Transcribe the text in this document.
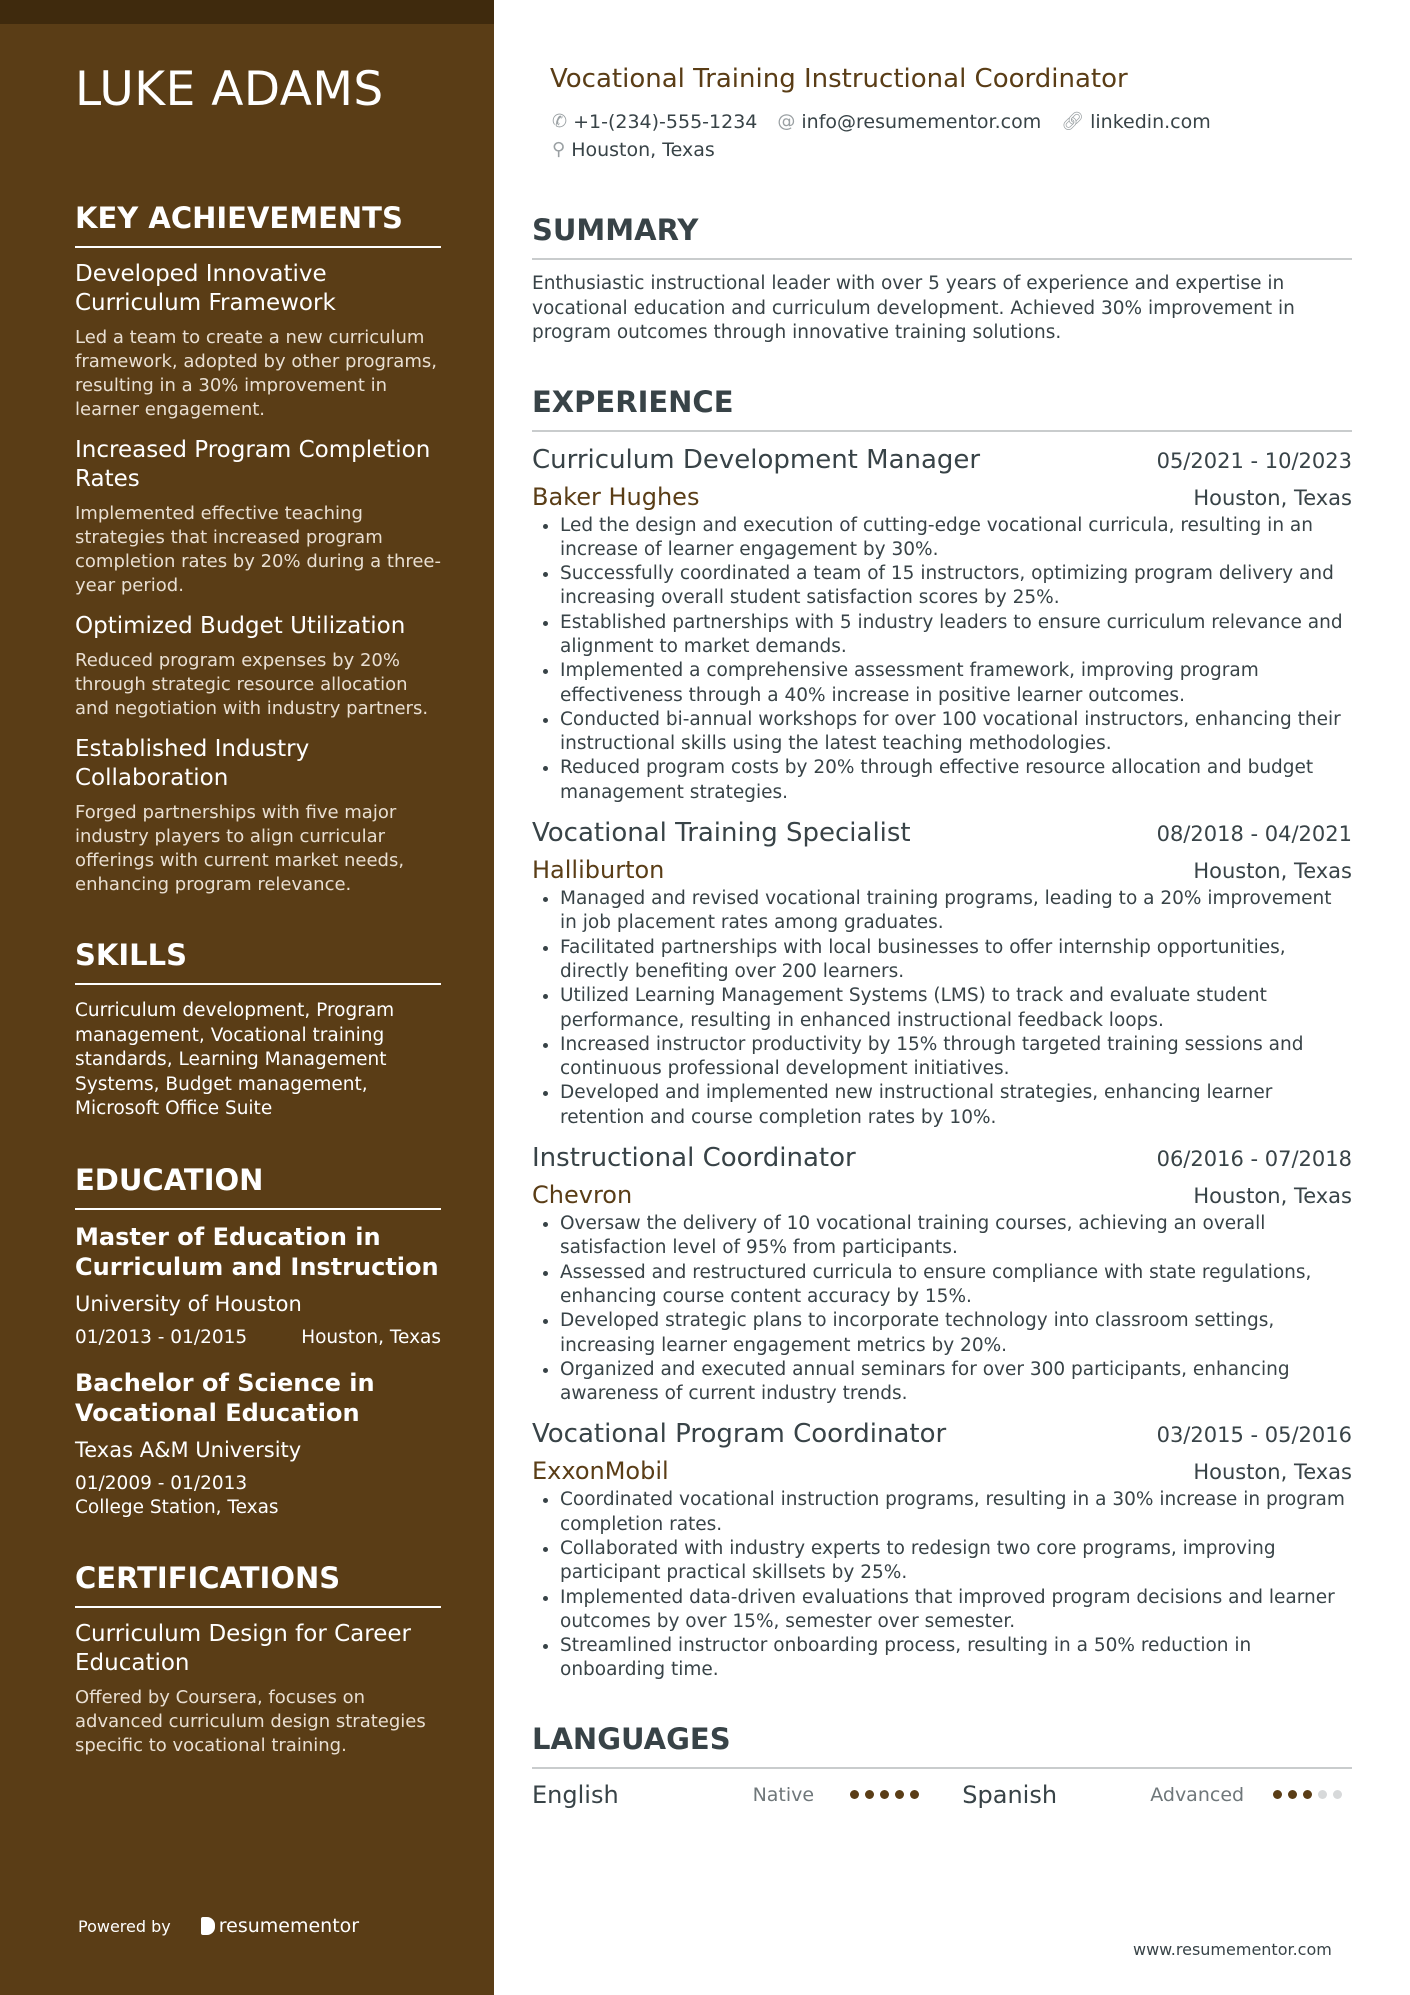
LUKE ADAMS
KEY ACHIEVEMENTS
Developed Innovative Curriculum Framework

Led a team to create a new curriculum framework, adopted by other programs, resulting in a 30% improvement in learner engagement.

Increased Program Completion Rates

Implemented effective teaching strategies that increased program completion rates by 20% during a three-year period.

Optimized Budget Utilization

Reduced program expenses by 20% through strategic resource allocation and negotiation with industry partners.

Established Industry Collaboration

Forged partnerships with five major industry players to align curricular offerings with current market needs, enhancing program relevance.

SKILLS

Curriculum development, Program management, Vocational training standards, Learning Management Systems, Budget management, Microsoft Office Suite

EDUCATION
Master of Education in Curriculum and Instruction
University of Houston
01/2013 - 01/2015	Houston, Texas
Bachelor of Science in Vocational Education
Texas A&M University
01/2009 - 01/2013
College Station, Texas
CERTIFICATIONS
Curriculum Design for Career Education

Offered by Coursera, focuses on advanced curriculum design strategies specific to vocational training.

Powered by	resumementor
Vocational Training Instructional Coordinator
✆ +1-(234)-555-1234 @ info@resumementor.com 🔗︎ linkedin.com
⚲ Houston, Texas
SUMMARY

Enthusiastic instructional leader with over 5 years of experience and expertise in vocational education and curriculum development. Achieved 30% improvement in program outcomes through innovative training solutions.

EXPERIENCE
Curriculum Development Manager	05/2021 - 10/2023
Baker Hughes	Houston, Texas
• Led the design and execution of cutting-edge vocational curricula, resulting in an increase of learner engagement by 30%.
• Successfully coordinated a team of 15 instructors, optimizing program delivery and increasing overall student satisfaction scores by 25%.
• Established partnerships with 5 industry leaders to ensure curriculum relevance and alignment to market demands.
• Implemented a comprehensive assessment framework, improving program effectiveness through a 40% increase in positive learner outcomes.
• Conducted bi-annual workshops for over 100 vocational instructors, enhancing their instructional skills using the latest teaching methodologies.
• Reduced program costs by 20% through effective resource allocation and budget management strategies.
Vocational Training Specialist	08/2018 - 04/2021
Halliburton	Houston, Texas
• Managed and revised vocational training programs, leading to a 20% improvement in job placement rates among graduates.
• Facilitated partnerships with local businesses to offer internship opportunities, directly benefiting over 200 learners.
• Utilized Learning Management Systems (LMS) to track and evaluate student performance, resulting in enhanced instructional feedback loops.
• Increased instructor productivity by 15% through targeted training sessions and continuous professional development initiatives.
• Developed and implemented new instructional strategies, enhancing learner retention and course completion rates by 10%.
Instructional Coordinator	06/2016 - 07/2018
Chevron	Houston, Texas
• Oversaw the delivery of 10 vocational training courses, achieving an overall satisfaction level of 95% from participants.
• Assessed and restructured curricula to ensure compliance with state regulations, enhancing course content accuracy by 15%.
• Developed strategic plans to incorporate technology into classroom settings, increasing learner engagement metrics by 20%.
• Organized and executed annual seminars for over 300 participants, enhancing awareness of current industry trends.
Vocational Program Coordinator	03/2015 - 05/2016
ExxonMobil	Houston, Texas
• Coordinated vocational instruction programs, resulting in a 30% increase in program completion rates.
• Collaborated with industry experts to redesign two core programs, improving participant practical skillsets by 25%.
• Implemented data-driven evaluations that improved program decisions and learner outcomes by over 15%, semester over semester.
• Streamlined instructor onboarding process, resulting in a 50% reduction in onboarding time.
LANGUAGES
English	Native	Spanish	Advanced
www.resumementor.com
